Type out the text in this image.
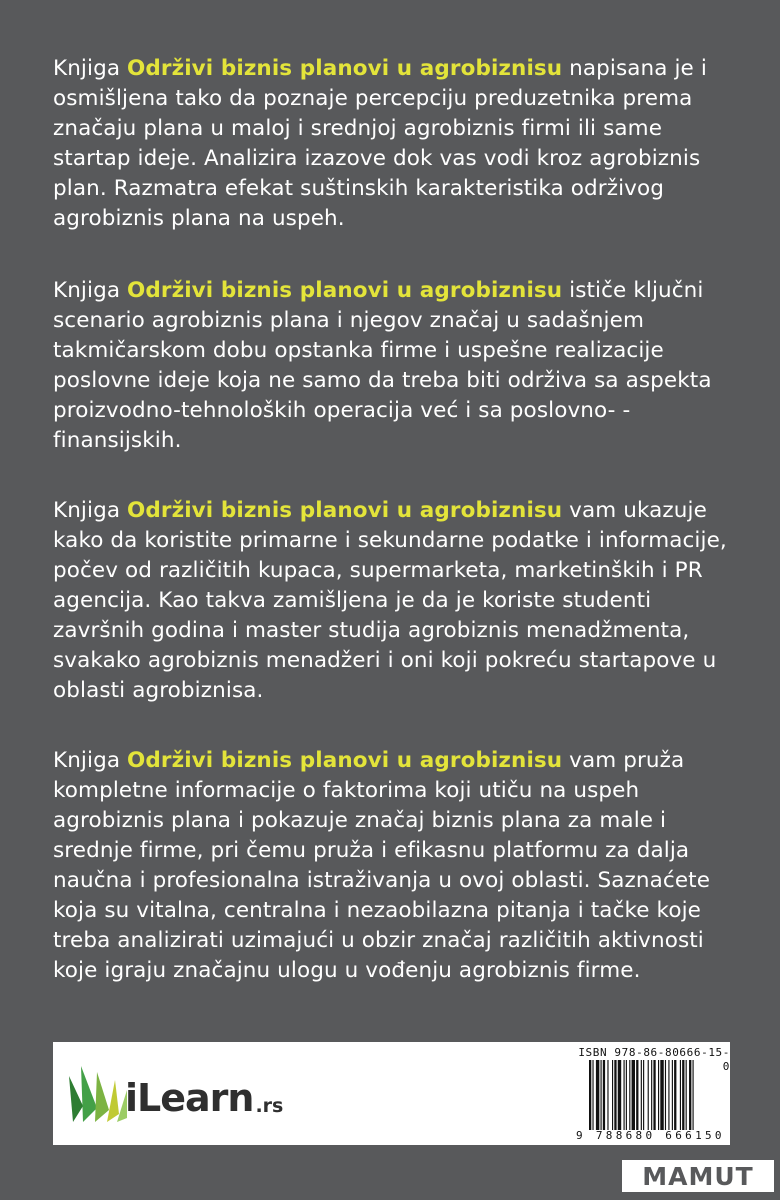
Knjiga Održivi biznis planovi u agrobiznisu napisana je i osmišljena tako da poznaje percepciju preduzetnika prema značaju plana u maloj i srednjoj agrobiznis firmi ili same startap ideje. Analizira izazove dok vas vodi kroz agrobiznis plan. Razmatra efekat suštinskih karakteristika održivog agrobiznis plana na uspeh.

Knjiga Održivi biznis planovi u agrobiznisu ističe ključni scenario agrobiznis plana i njegov značaj u sadašnjem takmičarskom dobu opstanka firme i uspešne realizacije poslovne ideje koja ne samo da treba biti održiva sa aspekta proizvodno-tehnoloških operacija već i sa poslovno- -finansijskih.

Knjiga Održivi biznis planovi u agrobiznisu vam ukazuje kako da koristite primarne i sekundarne podatke i informacije, počev od različitih kupaca, supermarketa, marketinških i PR agencija. Kao takva zamišljena je da je koriste studenti završnih godina i master studija agrobiznis menadžmenta, svakako agrobiznis menadžeri i oni koji pokreću startapove u oblasti agrobiznisa.

Knjiga Održivi biznis planovi u agrobiznisu vam pruža kompletne informacije o faktorima koji utiču na uspeh agrobiznis plana i pokazuje značaj biznis plana za male i srednje firme, pri čemu pruža i efikasnu platformu za dalja naučna i profesionalna istraživanja u ovoj oblasti. Saznaćete koja su vitalna, centralna i nezaobilazna pitanja i tačke koje treba analizirati uzimajući u obzir značaj različitih aktivnosti koje igraju značajnu ulogu u vođenju agrobiznis firme.

iLearn .rs
ISBN 978-86-80666-15-0
9 788680 666150
MAMUT
